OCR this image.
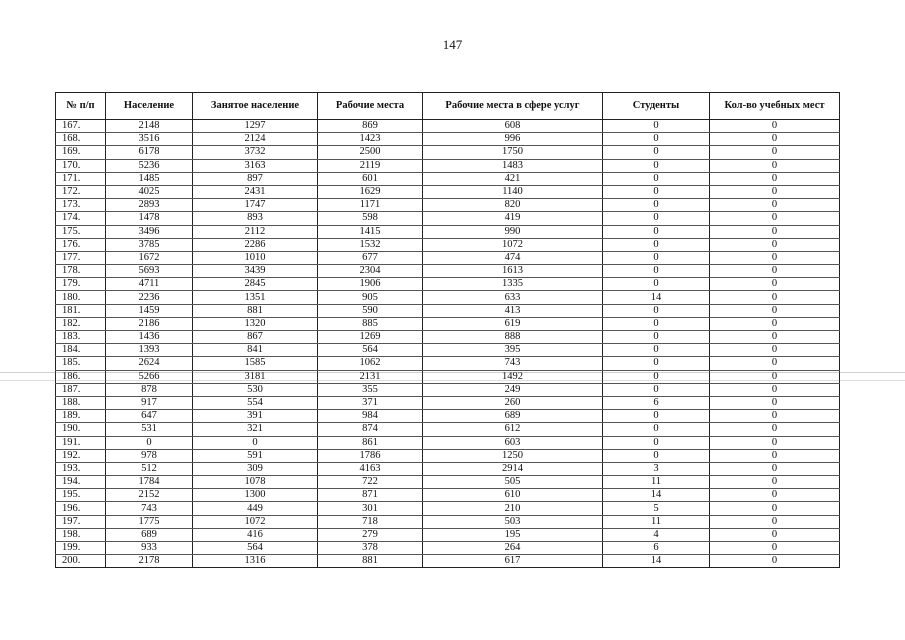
147
№ п/п	Население	Занятое население	Рабочие места	Рабочие места в сфере услуг	Студенты	Кол-во учебных мест
167.	2148	1297	869	608	0	0
168.	3516	2124	1423	996	0	0
169.	6178	3732	2500	1750	0	0
170.	5236	3163	2119	1483	0	0
171.	1485	897	601	421	0	0
172.	4025	2431	1629	1140	0	0
173.	2893	1747	1171	820	0	0
174.	1478	893	598	419	0	0
175.	3496	2112	1415	990	0	0
176.	3785	2286	1532	1072	0	0
177.	1672	1010	677	474	0	0
178.	5693	3439	2304	1613	0	0
179.	4711	2845	1906	1335	0	0
180.	2236	1351	905	633	14	0
181.	1459	881	590	413	0	0
182.	2186	1320	885	619	0	0
183.	1436	867	1269	888	0	0
184.	1393	841	564	395	0	0
185.	2624	1585	1062	743	0	0
186.	5266	3181	2131	1492	0	0
187.	878	530	355	249	0	0
188.	917	554	371	260	6	0
189.	647	391	984	689	0	0
190.	531	321	874	612	0	0
191.	0	0	861	603	0	0
192.	978	591	1786	1250	0	0
193.	512	309	4163	2914	3	0
194.	1784	1078	722	505	11	0
195.	2152	1300	871	610	14	0
196.	743	449	301	210	5	0
197.	1775	1072	718	503	11	0
198.	689	416	279	195	4	0
199.	933	564	378	264	6	0
200.	2178	1316	881	617	14	0
